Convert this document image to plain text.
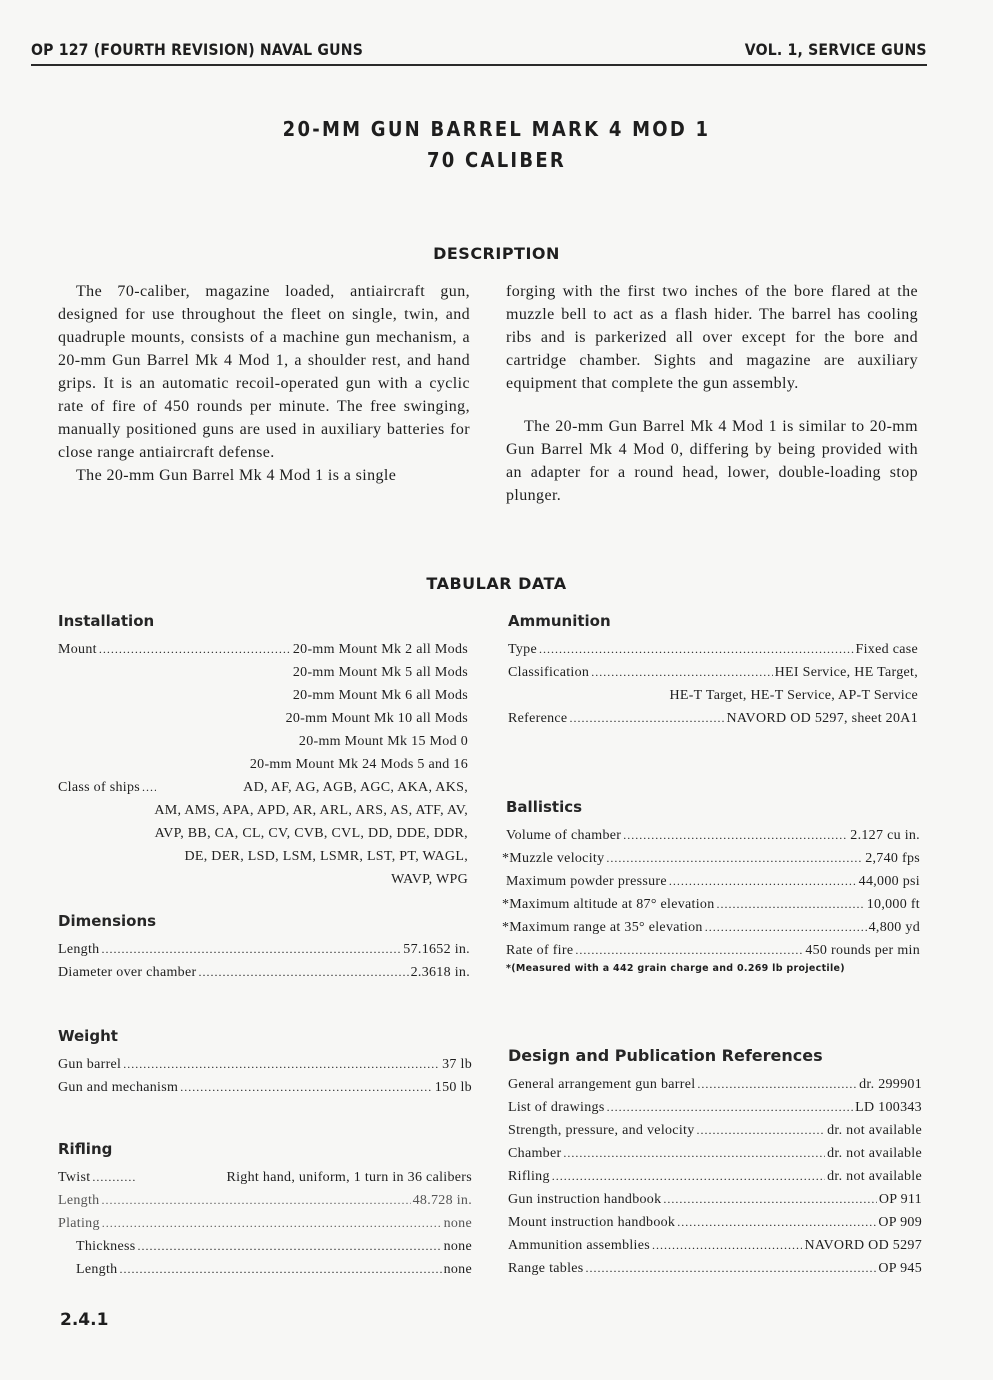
OP 127 (FOURTH REVISION) NAVAL GUNS	VOL. 1, SERVICE GUNS
20-MM GUN BARREL MARK 4 MOD 1
70 CALIBER
DESCRIPTION

The 70-caliber, magazine loaded, antiaircraft gun, designed for use throughout the fleet on single, twin, and quadruple mounts, consists of a machine gun mechanism, a 20-mm Gun Barrel Mk 4 Mod 1, a shoulder rest, and hand grips. It is an automatic recoil-operated gun with a cyclic rate of fire of 450 rounds per minute. The free swinging, manually positioned guns are used in auxiliary batteries for close range antiaircraft defense.

The 20-mm Gun Barrel Mk 4 Mod 1 is a single

forging with the first two inches of the bore flared at the muzzle bell to act as a flash hider. The barrel has cooling ribs and is parkerized all over except for the bore and cartridge chamber. Sights and magazine are auxiliary equipment that complete the gun assembly.

The 20-mm Gun Barrel Mk 4 Mod 1 is similar to 20-mm Gun Barrel Mk 4 Mod 0, differing by being provided with an adapter for a round head, lower, double-loading stop plunger.

TABULAR DATA
Installation
Mount .....	20-mm Mount Mk 2 all Mods
20-mm Mount Mk 5 all Mods
20-mm Mount Mk 6 all Mods
20-mm Mount Mk 10 all Mods
20-mm Mount Mk 15 Mod 0
20-mm Mount Mk 24 Mods 5 and 16
Class of ships .....	AD, AF, AG, AGB, AGC, AKA, AKS,
AM, AMS, APA, APD, AR, ARL, ARS, AS, ATF, AV,
AVP, BB, CA, CL, CV, CVB, CVL, DD, DDE, DDR,
DE, DER, LSD, LSM, LSMR, LST, PT, WAGL,
WAVP, WPG
Dimensions
Length .....	57.1652 in.
Diameter over chamber .....	2.3618 in.
Weight
Gun barrel .....	37 lb
Gun and mechanism .....	150 lb
Rifling
Twist .....	Right hand, uniform, 1 turn in 36 calibers
Length .....	48.728 in.
Plating .....	none
Thickness .....	none
Length .....	none
Ammunition
Type .....	Fixed case
Classification .....	HEI Service, HE Target,
HE-T Target, HE-T Service, AP-T Service
Reference .....	NAVORD OD 5297, sheet 20A1
Ballistics
Volume of chamber .....	2.127 cu in.
*Muzzle velocity .....	2,740 fps
Maximum powder pressure .....	44,000 psi
*Maximum altitude at 87° elevation .....	10,000 ft
*Maximum range at 35° elevation .....	4,800 yd
Rate of fire .....	450 rounds per min
*(Measured with a 442 grain charge and 0.269 lb projectile)
Design and Publication References
General arrangement gun barrel .....	dr. 299901
List of drawings .....	LD 100343
Strength, pressure, and velocity .....	dr. not available
Chamber .....	dr. not available
Rifling .....	dr. not available
Gun instruction handbook .....	OP 911
Mount instruction handbook .....	OP 909
Ammunition assemblies .....	NAVORD OD 5297
Range tables .....	OP 945
2.4.1
